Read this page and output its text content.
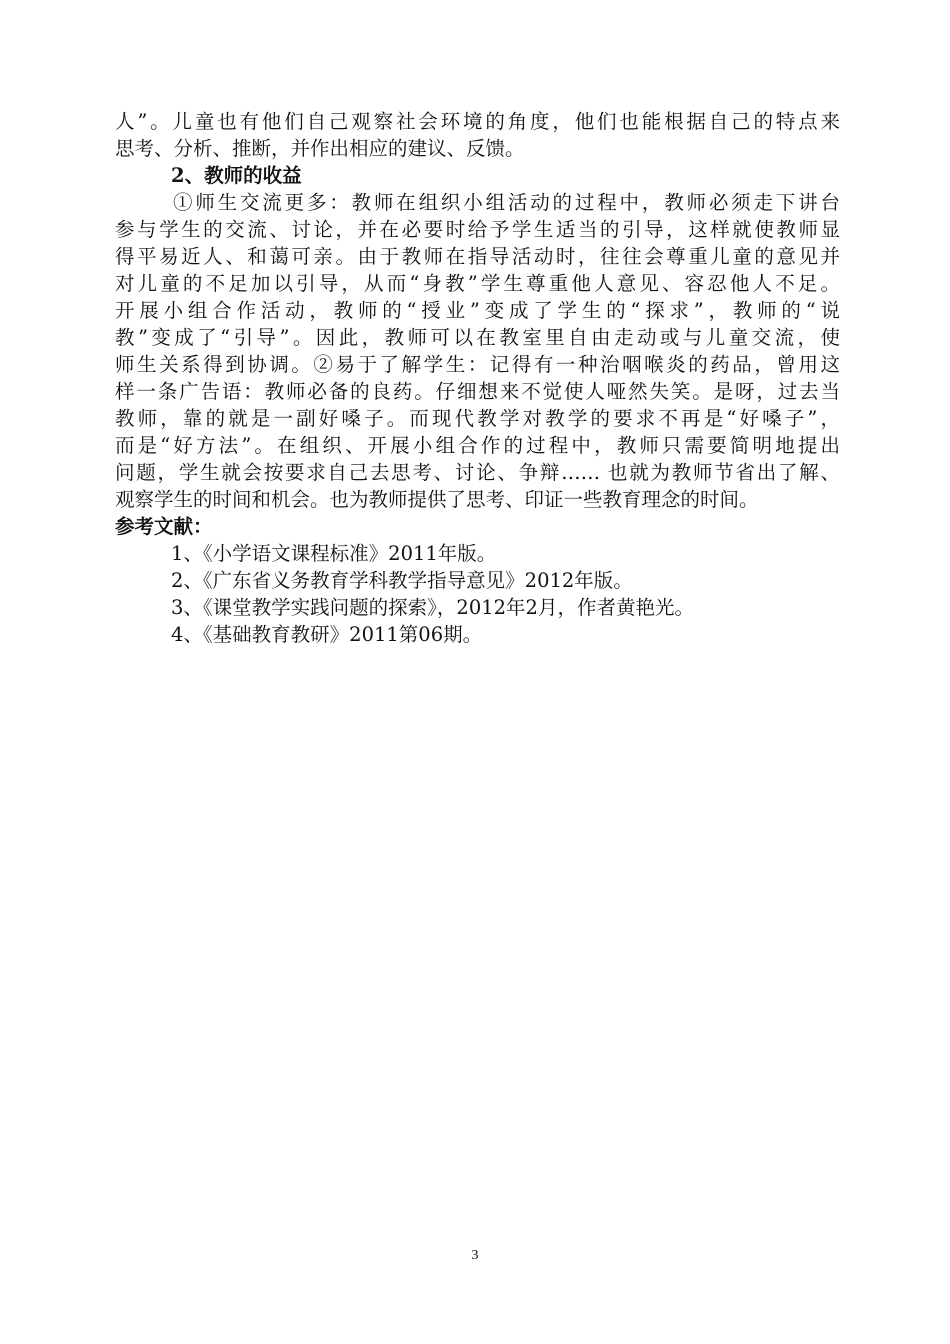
人”。儿童也有他们自己观察社会环境的角度，他们也能根据自己的特点来
思考、分析、推断，并作出相应的建议、反馈。
2、教师的收益
①师生交流更多：教师在组织小组活动的过程中，教师必须走下讲台
参与学生的交流、讨论，并在必要时给予学生适当的引导，这样就使教师显
得平易近人、和蔼可亲。由于教师在指导活动时，往往会尊重儿童的意见并
对儿童的不足加以引导，从而“身教”学生尊重他人意见、容忍他人不足。
开展小组合作活动，教师的“授业”变成了学生的“探求”，教师的“说
教”变成了“引导”。因此，教师可以在教室里自由走动或与儿童交流，使
师生关系得到协调。②易于了解学生：记得有一种治咽喉炎的药品，曾用这
样一条广告语：教师必备的良药。仔细想来不觉使人哑然失笑。是呀，过去当
教师，靠的就是一副好嗓子。而现代教学对教学的要求不再是“好嗓子”，
而是“好方法”。在组织、开展小组合作的过程中，教师只需要简明地提出
问题，学生就会按要求自己去思考、讨论、争辩…… 也就为教师节省出了解、
观察学生的时间和机会。也为教师提供了思考、印证一些教育理念的时间。
参考文献：
1、《小学语文课程标准》2011年版。
2、《广东省义务教育学科教学指导意见》2012年版。
3、《课堂教学实践问题的探索》，2012年2月，作者黄艳光。
4、《基础教育教研》2011第06期。
3
